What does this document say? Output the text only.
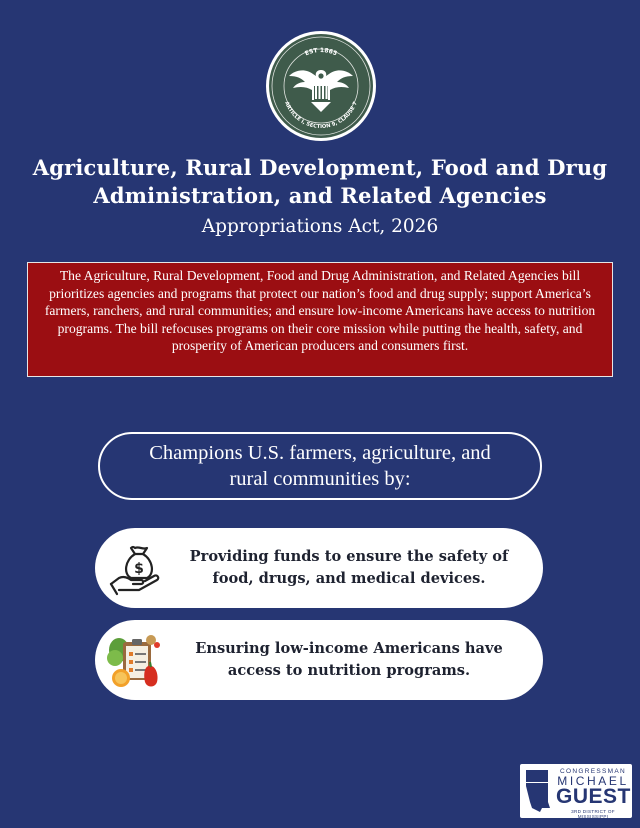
EST 1865
ARTICLE I, SECTION 9, CLAUSE 7
Agriculture, Rural Development, Food and Drug Administration, and Related Agencies
Appropriations Act, 2026
The Agriculture, Rural Development, Food and Drug Administration, and Related Agencies bill prioritizes agencies and programs that protect our nation’s food and drug supply; support America’s farmers, ranchers, and rural communities; and ensure low-income Americans have access to nutrition programs. The bill refocuses programs on their core mission while putting the health, safety, and prosperity of American producers and consumers first.
Champions U.S. farmers, agriculture, and rural communities by:
$
Providing funds to ensure the safety of food, drugs, and medical devices.
Ensuring low-income Americans have access to nutrition programs.
CONGRESSMAN
MICHAEL
GUEST
3RD DISTRICT OF MISSISSIPPI
